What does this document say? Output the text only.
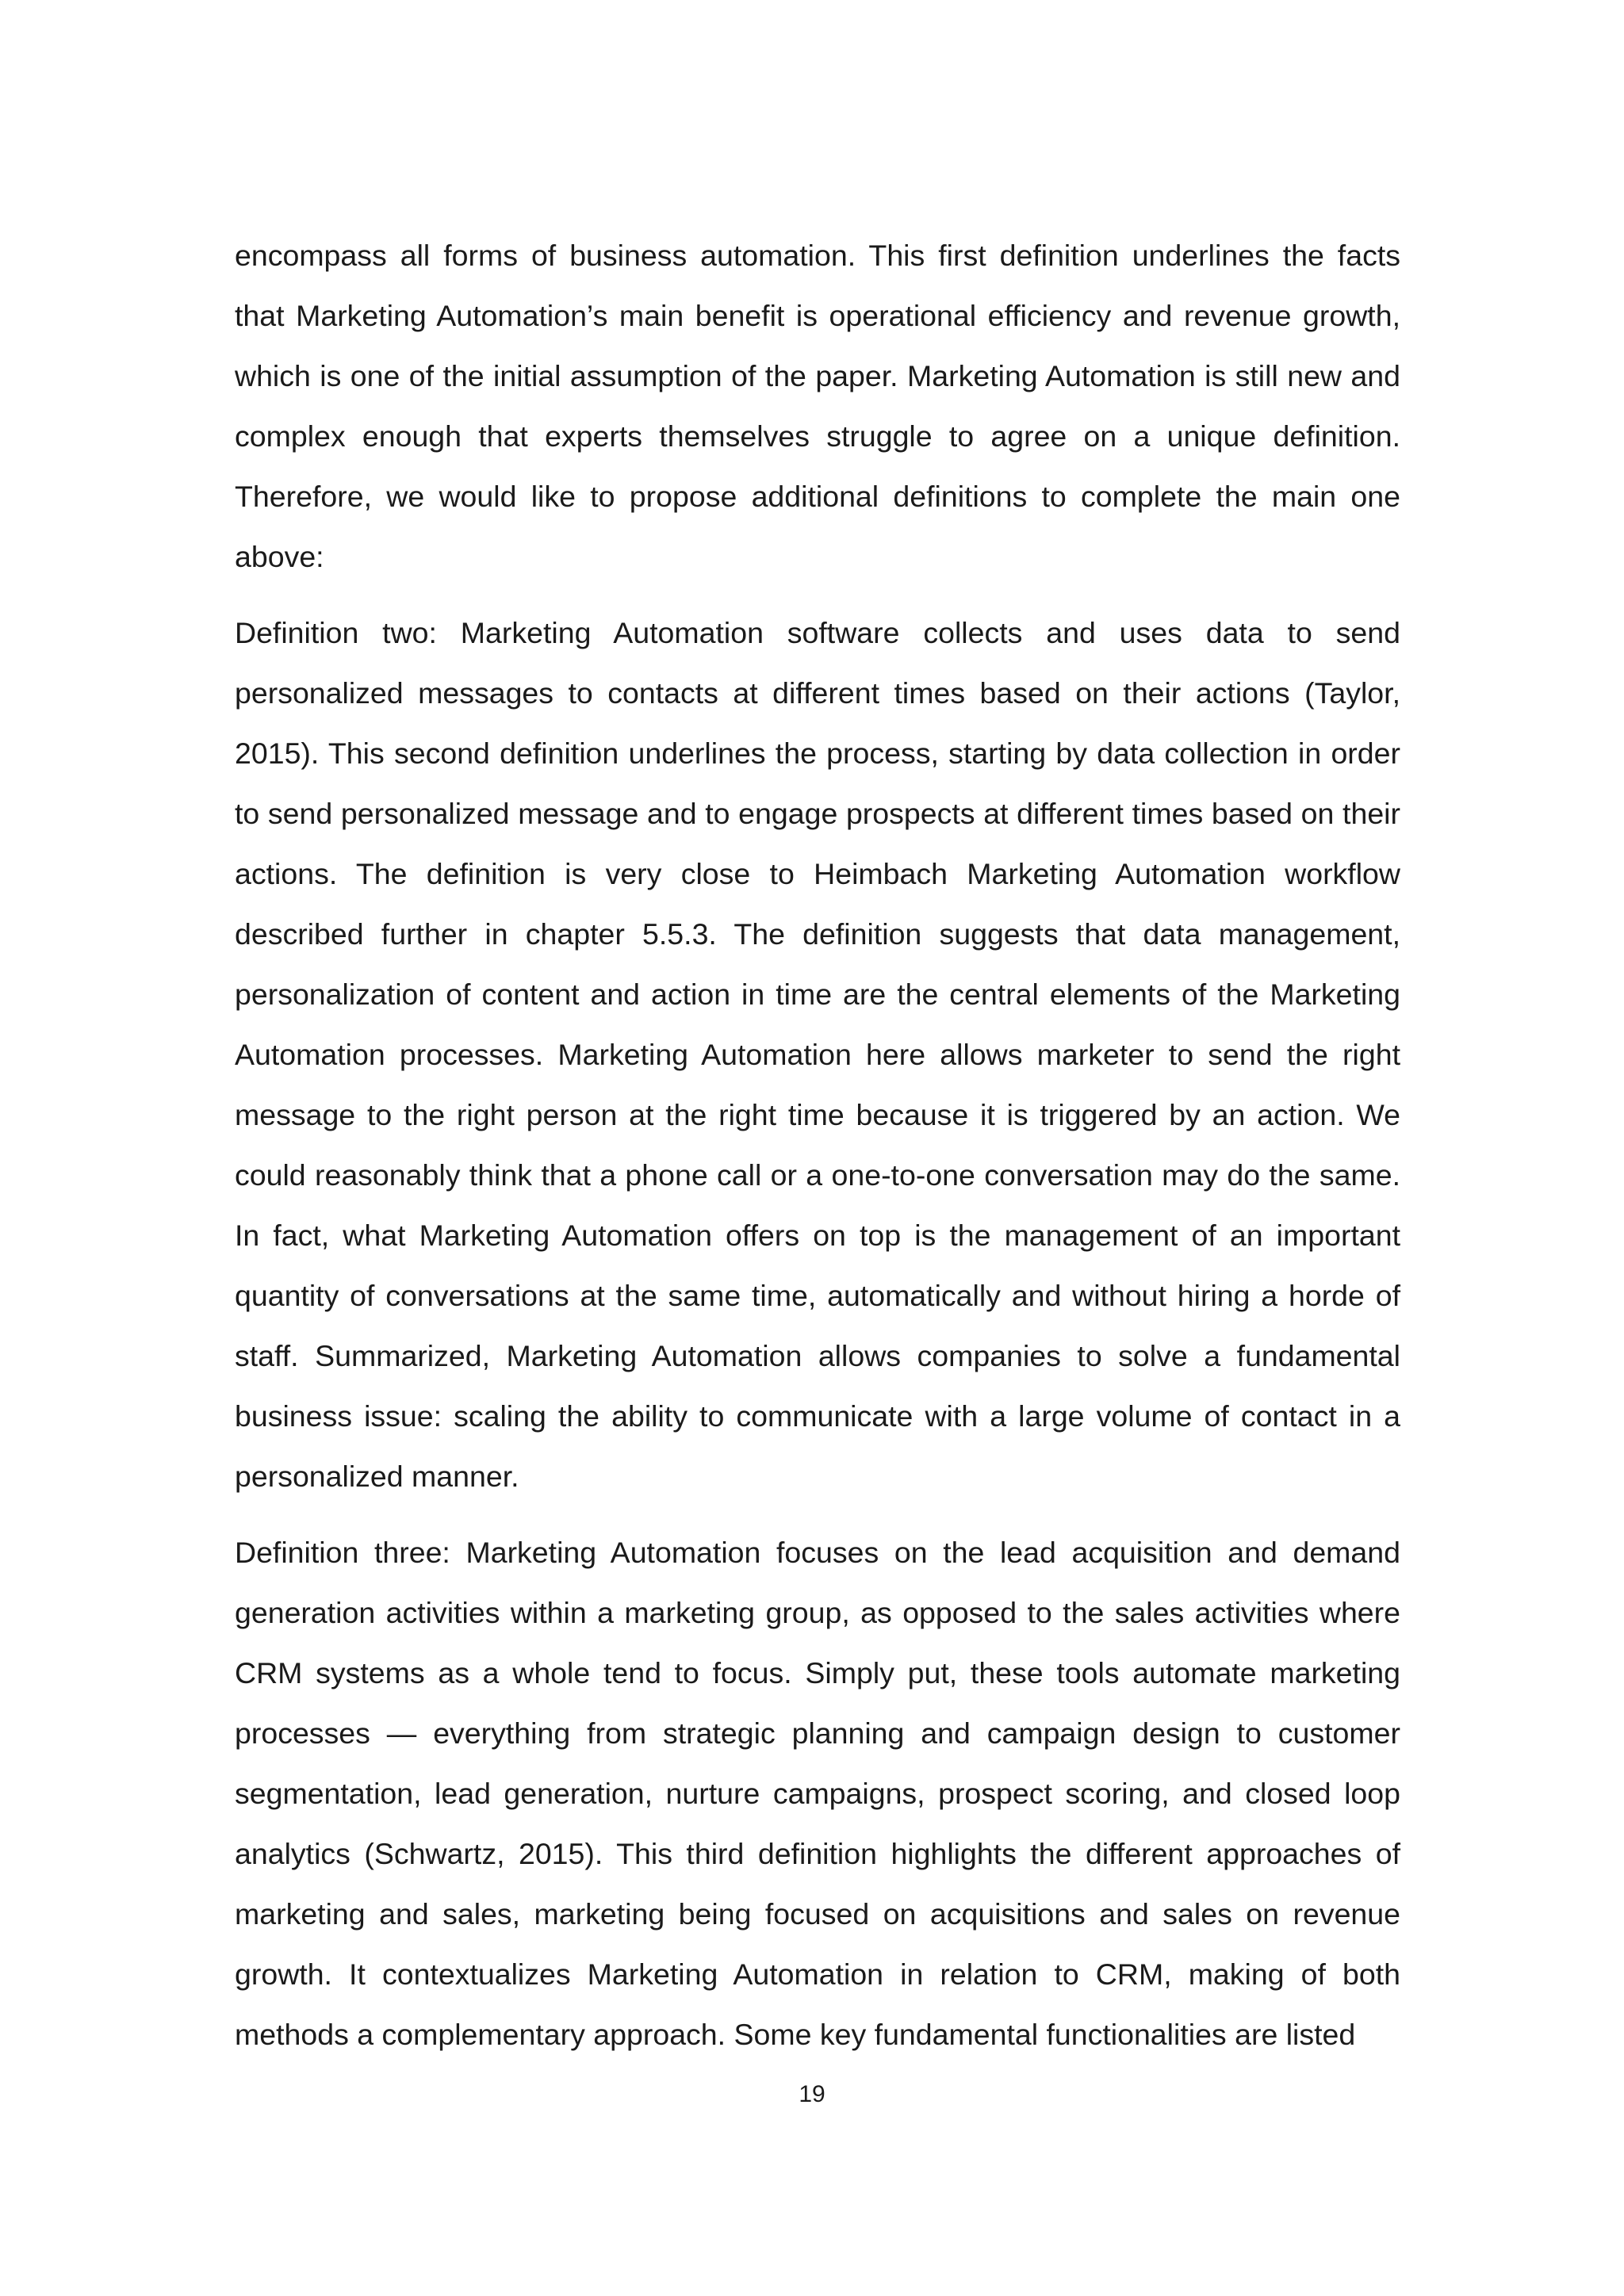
encompass all forms of business automation. This first definition underlines the facts that Marketing Automation’s main benefit is operational efficiency and revenue growth, which is one of the initial assumption of the paper. Marketing Automation is still new and complex enough that experts themselves struggle to agree on a unique definition. Therefore, we would like to propose additional definitions to complete the main one above:

Definition two: Marketing Automation software collects and uses data to send personalized messages to contacts at different times based on their actions (Taylor, 2015). This second definition underlines the process, starting by data collection in order to send personalized message and to engage prospects at different times based on their actions. The definition is very close to Heimbach Marketing Automation workflow described further in chapter 5.5.3. The definition suggests that data management, personalization of content and action in time are the central elements of the Marketing Automation processes. Marketing Automation here allows marketer to send the right message to the right person at the right time because it is triggered by an action. We could reasonably think that a phone call or a one-to-one conversation may do the same. In fact, what Marketing Automation offers on top is the management of an important quantity of conversations at the same time, automatically and without hiring a horde of staff. Summarized, Marketing Automation allows companies to solve a fundamental business issue: scaling the ability to communicate with a large volume of contact in a personalized manner.

Definition three: Marketing Automation focuses on the lead acquisition and demand generation activities within a marketing group, as opposed to the sales activities where CRM systems as a whole tend to focus. Simply put, these tools automate marketing processes — everything from strategic planning and campaign design to customer segmentation, lead generation, nurture campaigns, prospect scoring, and closed loop analytics (Schwartz, 2015). This third definition highlights the different approaches of marketing and sales, marketing being focused on acquisitions and sales on revenue growth. It contextualizes Marketing Automation in relation to CRM, making of both methods a complementary approach. Some key fundamental functionalities are listed

19
